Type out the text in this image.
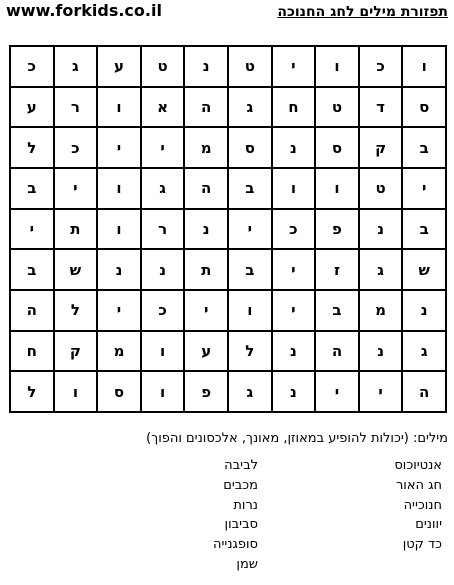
www.forkids.co.il	תפזורת מילים לחג החנוכה
כ	ג	ע	ט	נ	ט	י	ו	כ	ו
ע	ר	ו	א	ה	ג	ח	ט	ד	ס
ל	כ	י	י	מ	ס	נ	ס	ק	ב
ב	י	ו	ג	ה	ב	ו	ו	ט	י
י	ת	ו	ר	נ	י	כ	פ	נ	ב
ב	ש	נ	נ	ת	ב	י	ז	ג	ש
ה	ל	י	כ	י	ו	י	ב	מ	נ
ח	ק	מ	ו	ע	ל	נ	ה	נ	ג
ל	ו	ס	ו	פ	ג	נ	י	י	ה
מילים: (יכולות להופיע במאוזן, מאונך, אלכסונים והפוך)
אנטיוכוס
חג האור
חנוכייה
יוונים
כד קטן
לביבה
מכבים
נרות
סביבון
סופגנייה
שמן
